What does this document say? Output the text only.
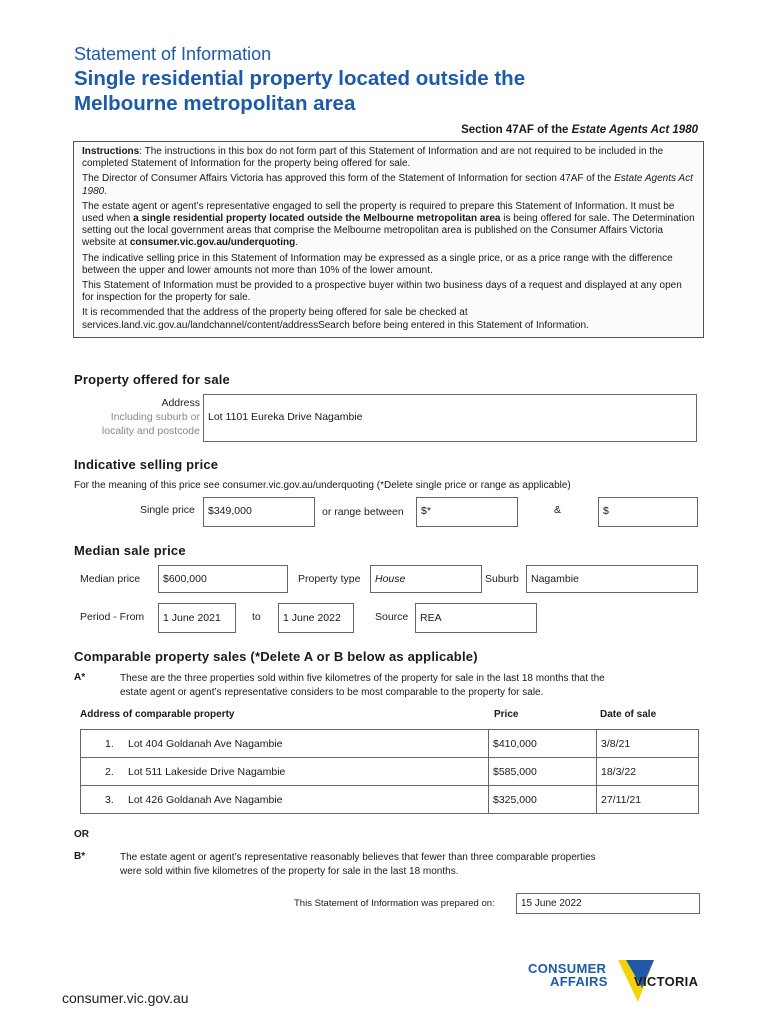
Statement of Information
Single residential property located outside the
Melbourne metropolitan area
Section 47AF of the Estate Agents Act 1980

Instructions: The instructions in this box do not form part of this Statement of Information and are not required to be included in the completed Statement of Information for the property being offered for sale.

The Director of Consumer Affairs Victoria has approved this form of the Statement of Information for section 47AF of the Estate Agents Act 1980.

The estate agent or agent’s representative engaged to sell the property is required to prepare this Statement of Information. It must be used when a single residential property located outside the Melbourne metropolitan area is being offered for sale. The Determination setting out the local government areas that comprise the Melbourne metropolitan area is published on the Consumer Affairs Victoria website at consumer.vic.gov.au/underquoting.

The indicative selling price in this Statement of Information may be expressed as a single price, or as a price range with the difference between the upper and lower amounts not more than 10% of the lower amount.

This Statement of Information must be provided to a prospective buyer within two business days of a request and displayed at any open for inspection for the property for sale.

It is recommended that the address of the property being offered for sale be checked at services.land.vic.gov.au/landchannel/content/addressSearch before being entered in this Statement of Information.

Property offered for sale
Address
Including suburb or
locality and postcode
Lot 1101 Eureka Drive Nagambie
Indicative selling price
For the meaning of this price see consumer.vic.gov.au/underquoting (*Delete single price or range as applicable)
Single price	$349,000	or range between	$*	&	$
Median sale price
Median price	$600,000	Property type	House	Suburb	Nagambie
Period - From	1 June 2021	to	1 June 2022	Source	REA
Comparable property sales (*Delete A or B below as applicable)
A*	These are the three properties sold within five kilometres of the property for sale in the last 18 months that the
estate agent or agent’s representative considers to be most comparable to the property for sale.
Address of comparable property	Price	Date of sale
1. Lot 404 Goldanah Ave Nagambie	$410,000	3/8/21
2. Lot 511 Lakeside Drive Nagambie	$585,000	18/3/22
3. Lot 426 Goldanah Ave Nagambie	$325,000	27/11/21
OR
B*	The estate agent or agent’s representative reasonably believes that fewer than three comparable properties
were sold within five kilometres of the property for sale in the last 18 months.
This Statement of Information was prepared on:	15 June 2022
CONSUMER
AFFAIRS VICTORIA
consumer.vic.gov.au
